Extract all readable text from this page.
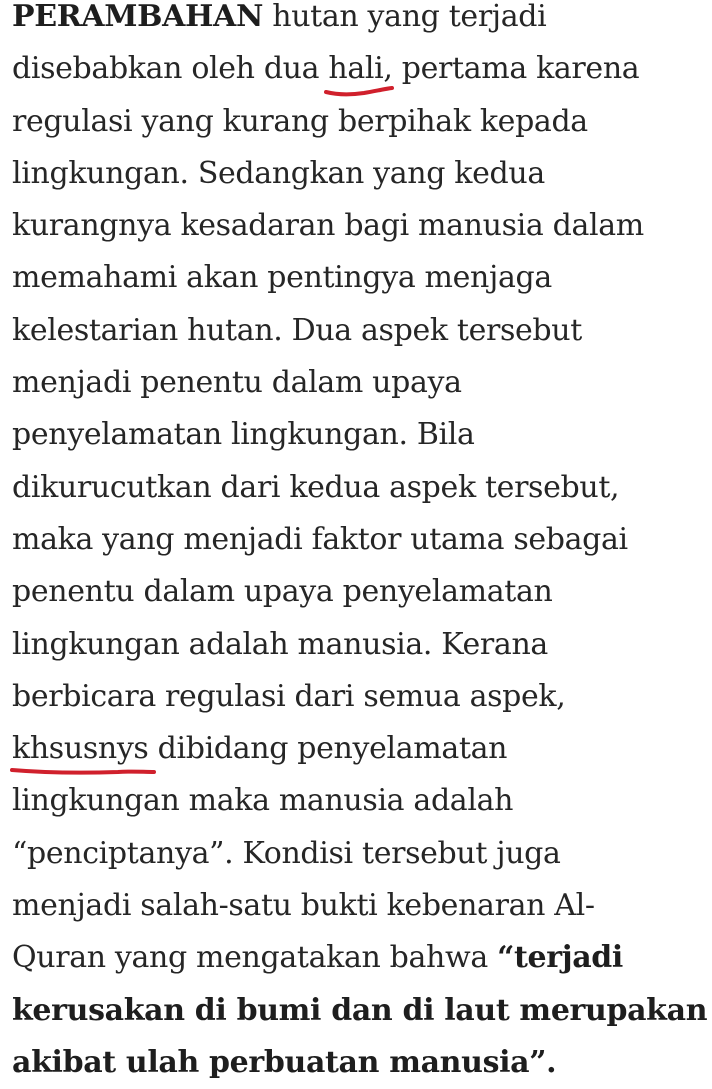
PERAMBAHAN hutan yang terjadi
disebabkan oleh dua hali
, pertama karena
regulasi yang kurang berpihak kepada
lingkungan. Sedangkan yang kedua
kurangnya kesadaran bagi manusia dalam
memahami akan pentingya menjaga
kelestarian hutan. Dua aspek tersebut
menjadi penentu dalam upaya
penyelamatan lingkungan. Bila
dikurucutkan dari kedua aspek tersebut,
maka yang menjadi faktor utama sebagai
penentu dalam upaya penyelamatan
lingkungan adalah manusia. Kerana
berbicara regulasi dari semua aspek,
khsusnys
dibidang penyelamatan
lingkungan maka manusia adalah
“penciptanya”. Kondisi tersebut juga
menjadi salah-satu bukti kebenaran Al-
Quran yang mengatakan bahwa “terjadi
kerusakan di bumi dan di laut merupakan
akibat ulah perbuatan manusia”.
